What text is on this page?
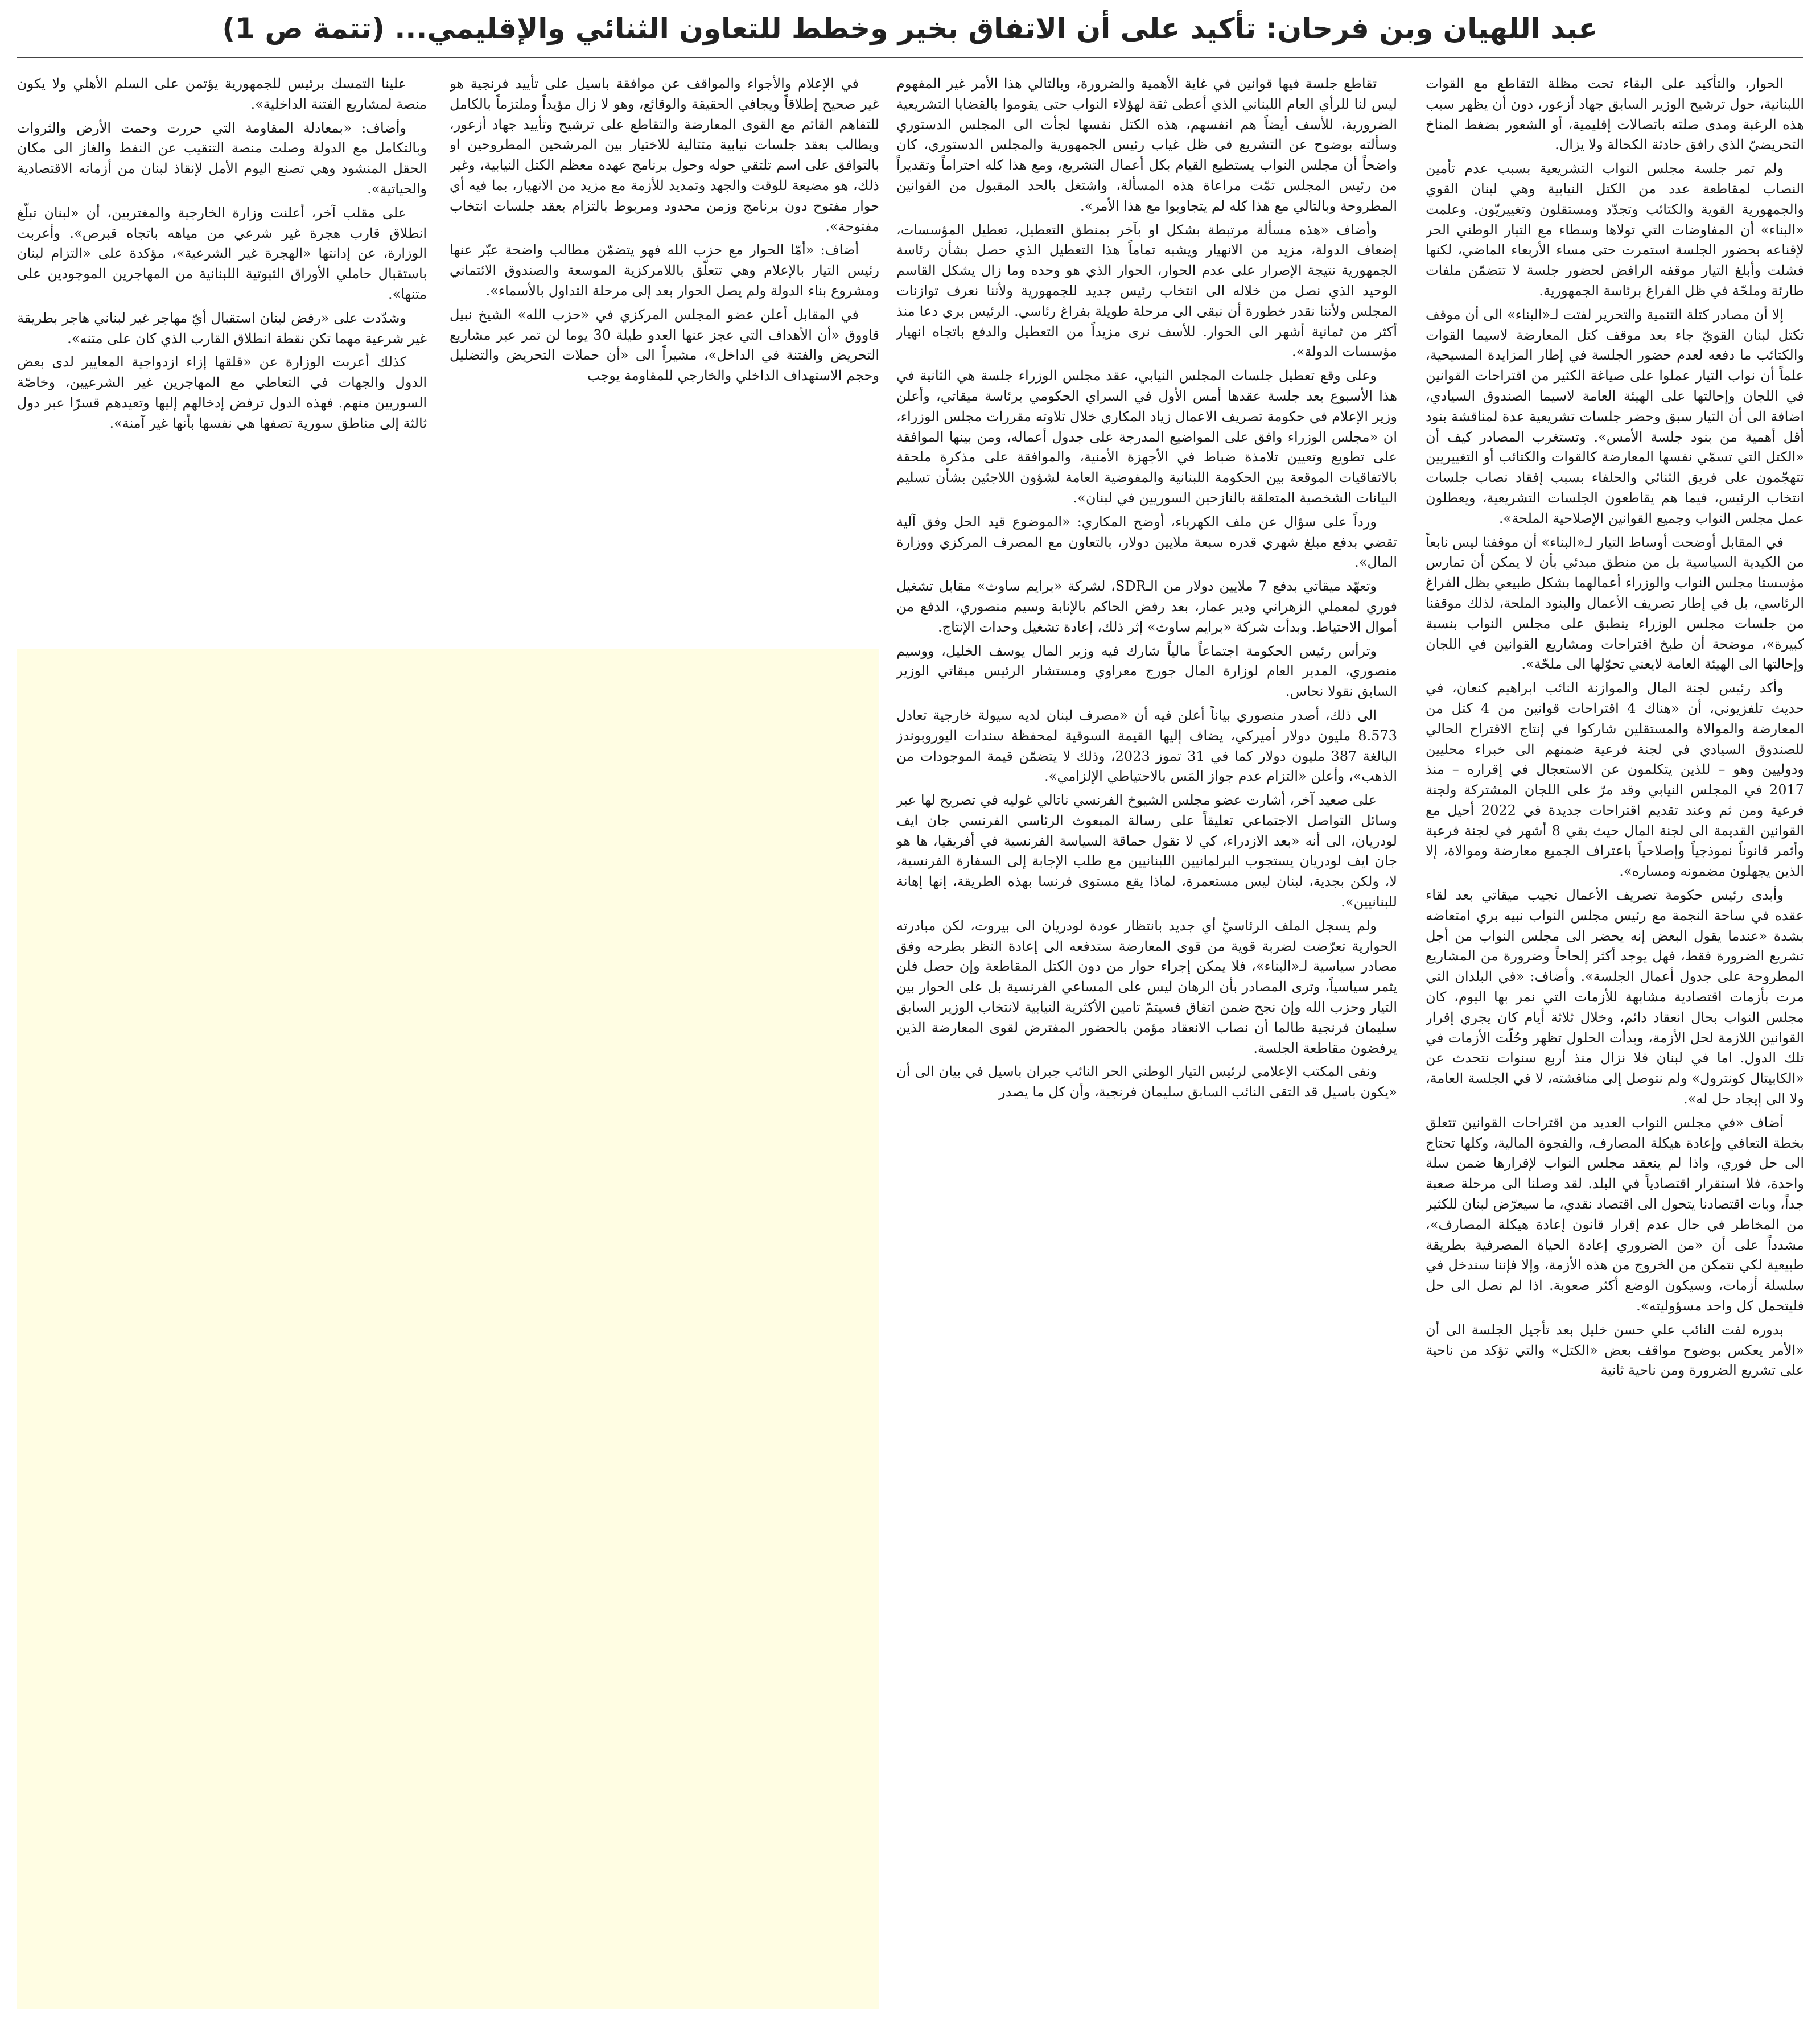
عبد اللهيان وبن فرحان: تأكيد على أن الاتفاق بخير وخطط للتعاون الثنائي والإقليمي... (تتمة ص 1)

الحوار، والتأكيد على البقاء تحت مظلة التقاطع مع القوات اللبنانية، حول ترشيح الوزير السابق جهاد أزعور، دون أن يظهر سبب هذه الرغبة ومدى صلته باتصالات إقليمية، أو الشعور بضغط المناخ التحريضيّ الذي رافق حادثة الكحالة ولا يزال.

ولم تمر جلسة مجلس النواب التشريعية بسبب عدم تأمين النصاب لمقاطعة عدد من الكتل النيابية وهي لبنان القوي والجمهورية القوية والكتائب وتجدّد ومستقلون وتغييريّون. وعلمت «البناء» أن المفاوضات التي تولاها وسطاء مع التيار الوطني الحر لإقناعه بحضور الجلسة استمرت حتى مساء الأربعاء الماضي، لكنها فشلت وأبلغ التيار موقفه الرافض لحضور جلسة لا تتضمّن ملفات طارئة وملحّة في ظل الفراغ برئاسة الجمهورية.

إلا أن مصادر كتلة التنمية والتحرير لفتت لـ«البناء» الى أن موقف تكتل لبنان القويّ جاء بعد موقف كتل المعارضة لاسيما القوات والكتائب ما دفعه لعدم حضور الجلسة في إطار المزايدة المسيحية، علماً أن نواب التيار عملوا على صياغة الكثير من اقتراحات القوانين في اللجان وإحالتها على الهيئة العامة لاسيما الصندوق السيادي، اضافة الى أن التيار سبق وحضر جلسات تشريعية عدة لمناقشة بنود أقل أهمية من بنود جلسة الأمس». وتستغرب المصادر كيف أن «الكتل التي تسمّي نفسها المعارضة كالقوات والكتائب أو التغييريين تتهجّمون على فريق الثنائي والحلفاء بسبب إفقاد نصاب جلسات انتخاب الرئيس، فيما هم يقاطعون الجلسات التشريعية، ويعطلون عمل مجلس النواب وجميع القوانين الإصلاحية الملحة».

في المقابل أوضحت أوساط التيار لـ«البناء» أن موقفنا ليس نابعاً من الكيدية السياسية بل من منطق مبدئي بأن لا يمكن أن تمارس مؤسستا مجلس النواب والوزراء أعمالهما بشكل طبيعي بظل الفراغ الرئاسي، بل في إطار تصريف الأعمال والبنود الملحة، لذلك موقفنا من جلسات مجلس الوزراء ينطبق على مجلس النواب بنسبة كبيرة»، موضحة أن طبخ اقتراحات ومشاريع القوانين في اللجان وإحالتها الى الهيئة العامة لايعني تحوّلها الى ملحّة».

وأكد رئيس لجنة المال والموازنة النائب ابراهيم كنعان، في حديث تلفزيوني، أن «هناك 4 اقتراحات قوانين من 4 كتل من المعارضة والموالاة والمستقلين شاركوا في إنتاج الاقتراح الحالي للصندوق السيادي في لجنة فرعية ضمنهم الى خبراء محليين ودوليين وهو – للذين يتكلمون عن الاستعجال في إقراره – منذ 2017 في المجلس النيابي وقد مرّ على اللجان المشتركة ولجنة فرعية ومن ثم وعند تقديم اقتراحات جديدة في 2022 أحيل مع القوانين القديمة الى لجنة المال حيث بقي 8 أشهر في لجنة فرعية وأثمر قانوناً نموذجياً وإصلاحياً باعتراف الجميع معارضة وموالاة، إلا الذين يجهلون مضمونه ومساره».

وأبدى رئيس حكومة تصريف الأعمال نجيب ميقاتي بعد لقاء عقده في ساحة النجمة مع رئيس مجلس النواب نبيه بري امتعاضه بشدة «عندما يقول البعض إنه يحضر الى مجلس النواب من أجل تشريع الضرورة فقط، فهل يوجد أكثر إلحاحاً وضرورة من المشاريع المطروحة على جدول أعمال الجلسة». وأضاف: «في البلدان التي مرت بأزمات اقتصادية مشابهة للأزمات التي نمر بها اليوم، كان مجلس النواب بحال انعقاد دائم، وخلال ثلاثة أيام كان يجري إقرار القوانين اللازمة لحل الأزمة، وبدأت الحلول تظهر وحُلّت الأزمات في تلك الدول. اما في لبنان فلا نزال منذ أربع سنوات نتحدث عن «الكابيتال كونترول» ولم نتوصل إلى مناقشته، لا في الجلسة العامة، ولا الى إيجاد حل له».

أضاف «في مجلس النواب العديد من اقتراحات القوانين تتعلق بخطة التعافي وإعادة هيكلة المصارف، والفجوة المالية، وكلها تحتاج الى حل فوري، واذا لم ينعقد مجلس النواب لإقرارها ضمن سلة واحدة، فلا استقرار اقتصادياً في البلد. لقد وصلنا الى مرحلة صعبة جداً، وبات اقتصادنا يتحول الى اقتصاد نقدي، ما سيعرّض لبنان للكثير من المخاطر في حال عدم إقرار قانون إعادة هيكلة المصارف»، مشدداً على أن «من الضروري إعادة الحياة المصرفية بطريقة طبيعية لكي نتمكن من الخروج من هذه الأزمة، وإلا فإننا سندخل في سلسلة أزمات، وسيكون الوضع أكثر صعوبة. اذا لم نصل الى حل فليتحمل كل واحد مسؤوليته».

بدوره لفت النائب علي حسن خليل بعد تأجيل الجلسة الى أن «الأمر يعكس بوضوح مواقف بعض «الكتل» والتي تؤكد من ناحية على تشريع الضرورة ومن ناحية ثانية

تقاطع جلسة فيها قوانين في غاية الأهمية والضرورة، وبالتالي هذا الأمر غير المفهوم ليس لنا للرأي العام اللبناني الذي أعطى ثقة لهؤلاء النواب حتى يقوموا بالقضايا التشريعية الضرورية، للأسف أيضاً هم انفسهم، هذه الكتل نفسها لجأت الى المجلس الدستوري وسألته بوضوح عن التشريع في ظل غياب رئيس الجمهورية والمجلس الدستوري، كان واضحاً أن مجلس النواب يستطيع القيام بكل أعمال التشريع، ومع هذا كله احتراماً وتقديراً من رئيس المجلس تمّت مراعاة هذه المسألة، واشتغل بالحد المقبول من القوانين المطروحة وبالتالي مع هذا كله لم يتجاوبوا مع هذا الأمر».

وأضاف «هذه مسألة مرتبطة بشكل او بآخر بمنطق التعطيل، تعطيل المؤسسات، إضعاف الدولة، مزيد من الانهيار ويشبه تماماً هذا التعطيل الذي حصل بشأن رئاسة الجمهورية نتيجة الإصرار على عدم الحوار، الحوار الذي هو وحده وما زال يشكل القاسم الوحيد الذي نصل من خلاله الى انتخاب رئيس جديد للجمهورية ولأننا نعرف توازنات المجلس ولأننا نقدر خطورة أن نبقى الى مرحلة طويلة بفراغ رئاسي. الرئيس بري دعا منذ أكثر من ثمانية أشهر الى الحوار. للأسف نرى مزيداً من التعطيل والدفع باتجاه انهيار مؤسسات الدولة».

وعلى وقع تعطيل جلسات المجلس النيابي، عقد مجلس الوزراء جلسة هي الثانية في هذا الأسبوع بعد جلسة عقدها أمس الأول في السراي الحكومي برئاسة ميقاتي، وأعلن وزير الإعلام في حكومة تصريف الاعمال زياد المكاري خلال تلاوته مقررات مجلس الوزراء، ان «مجلس الوزراء وافق على المواضيع المدرجة على جدول أعماله، ومن بينها الموافقة على تطويع وتعيين تلامذة ضباط في الأجهزة الأمنية، والموافقة على مذكرة ملحقة بالاتفاقيات الموقعة بين الحكومة اللبنانية والمفوضية العامة لشؤون اللاجئين بشأن تسليم البيانات الشخصية المتعلقة بالنازحين السوريين في لبنان».

ورداً على سؤال عن ملف الكهرباء، أوضح المكاري: «الموضوع قيد الحل وفق آلية تقضي بدفع مبلغ شهري قدره سبعة ملايين دولار، بالتعاون مع المصرف المركزي ووزارة المال».

وتعهّد ميقاتي بدفع 7 ملايين دولار من الـSDR، لشركة «برايم ساوث» مقابل تشغيل فوري لمعملي الزهراني ودير عمار، بعد رفض الحاكم بالإنابة وسيم منصوري، الدفع من أموال الاحتياط. وبدأت شركة «برايم ساوث» إثر ذلك، إعادة تشغيل وحدات الإنتاج.

وترأس رئيس الحكومة اجتماعاً مالياً شارك فيه وزير المال يوسف الخليل، ووسيم منصوري، المدير العام لوزارة المال جورج معراوي ومستشار الرئيس ميقاتي الوزير السابق نقولا نحاس.

الى ذلك، أصدر منصوري بياناً أعلن فيه أن «مصرف لبنان لديه سيولة خارجية تعادل 8.573 مليون دولار أميركي، يضاف إليها القيمة السوقية لمحفظة سندات اليوروبوندز البالغة 387 مليون دولار كما في 31 تموز 2023، وذلك لا يتضمّن قيمة الموجودات من الذهب»، وأعلن «التزام عدم جواز المَس بالاحتياطي الإلزامي».

على صعيد آخر، أشارت عضو مجلس الشيوخ الفرنسي ناتالي غوليه في تصريح لها عبر وسائل التواصل الاجتماعي تعليقاً على رسالة المبعوث الرئاسي الفرنسي جان ايف لودريان، الى أنه «بعد الازدراء، كي لا نقول حماقة السياسة الفرنسية في أفريقيا، ها هو جان ايف لودريان يستجوب البرلمانيين اللبنانيين مع طلب الإجابة إلى السفارة الفرنسية، لا، ولكن بجدية، لبنان ليس مستعمرة، لماذا يقع مستوى فرنسا بهذه الطريقة، إنها إهانة للبنانيين».

ولم يسجل الملف الرئاسيّ أي جديد بانتظار عودة لودريان الى بيروت، لكن مبادرته الحوارية تعرّضت لضربة قوية من قوى المعارضة ستدفعه الى إعادة النظر بطرحه وفق مصادر سياسية لـ«البناء»، فلا يمكن إجراء حوار من دون الكتل المقاطعة وإن حصل فلن يثمر سياسياً، وترى المصادر بأن الرهان ليس على المساعي الفرنسية بل على الحوار بين التيار وحزب الله وإن نجح ضمن اتفاق فسيتمّ تامين الأكثرية النيابية لانتخاب الوزير السابق سليمان فرنجية طالما أن نصاب الانعقاد مؤمن بالحضور المفترض لقوى المعارضة الذين يرفضون مقاطعة الجلسة.

ونفى المكتب الإعلامي لرئيس التيار الوطني الحر النائب جبران باسيل في بيان الى أن «يكون باسيل قد التقى النائب السابق سليمان فرنجية، وأن كل ما يصدر

في الإعلام والأجواء والمواقف عن موافقة باسيل على تأييد فرنجية هو غير صحيح إطلاقاً ويجافي الحقيقة والوقائع، وهو لا زال مؤيداً وملتزماً بالكامل للتفاهم القائم مع القوى المعارضة والتقاطع على ترشيح وتأييد جهاد أزعور، ويطالب بعقد جلسات نيابية متتالية للاختيار بين المرشحين المطروحين او بالتوافق على اسم تلتقي حوله وحول برنامج عهده معظم الكتل النيابية، وغير ذلك، هو مضيعة للوقت والجهد وتمديد للأزمة مع مزيد من الانهيار، بما فيه أي حوار مفتوح دون برنامج وزمن محدود ومربوط بالتزام بعقد جلسات انتخاب مفتوحة».

أضاف: «أمّا الحوار مع حزب الله فهو يتضمّن مطالب واضحة عبّر عنها رئيس التيار بالإعلام وهي تتعلّق باللامركزية الموسعة والصندوق الائتماني ومشروع بناء الدولة ولم يصل الحوار بعد إلى مرحلة التداول بالأسماء».

في المقابل أعلن عضو المجلس المركزي في «حزب الله» الشيخ نبيل قاووق «أن الأهداف التي عجز عنها العدو طيلة 30 يوما لن تمر عبر مشاريع التحريض والفتنة في الداخل»، مشيراً الى «أن حملات التحريض والتضليل وحجم الاستهداف الداخلي والخارجي للمقاومة يوجب

علينا التمسك برئيس للجمهورية يؤتمن على السلم الأهلي ولا يكون منصة لمشاريع الفتنة الداخلية».

وأضاف: «بمعادلة المقاومة التي حررت وحمت الأرض والثروات وبالتكامل مع الدولة وصلت منصة التنقيب عن النفط والغاز الى مكان الحقل المنشود وهي تصنع اليوم الأمل لإنقاذ لبنان من أزماته الاقتصادية والحياتية».

على مقلب آخر، أعلنت وزارة الخارجية والمغتربين، أن «لبنان تبلّغ انطلاق قارب هجرة غير شرعي من مياهه باتجاه قبرص». وأعربت الوزارة، عن إدانتها «الهجرة غير الشرعية»، مؤكدة على «التزام لبنان باستقبال حاملي الأوراق الثبوتية اللبنانية من المهاجرين الموجودين على متنها».

وشدّدت على «رفض لبنان استقبال أيّ مهاجر غير لبناني هاجر بطريقة غير شرعية مهما تكن نقطة انطلاق القارب الذي كان على متنه».

كذلك أعربت الوزارة عن «قلقها إزاء ازدواجية المعايير لدى بعض الدول والجهات في التعاطي مع المهاجرين غير الشرعيين، وخاصّة السوريين منهم. فهذه الدول ترفض إدخالهم إليها وتعيدهم قسرًا عبر دول ثالثة إلى مناطق سورية تصفها هي نفسها بأنها غير آمنة».
